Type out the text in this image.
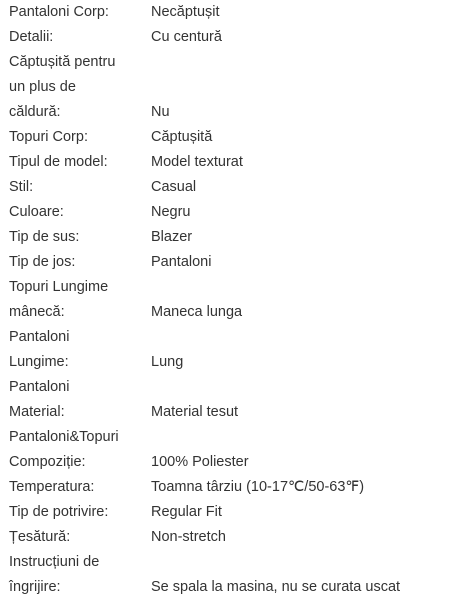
Pantaloni Corp:	Necăptușit
Detalii:	Cu centură
Căptușită pentru
un plus de
căldură:	Nu
Topuri Corp:	Căptușită
Tipul de model:	Model texturat
Stil:	Casual
Culoare:	Negru
Tip de sus:	Blazer
Tip de jos:	Pantaloni
Topuri Lungime
mânecă:	Maneca lunga
Pantaloni
Lungime:	Lung
Pantaloni
Material:	Material tesut
Pantaloni&Topuri
Compoziție:	100% Poliester
Temperatura:	Toamna târziu (10-17℃/50-63℉)
Tip de potrivire:	Regular Fit
Țesătură:	Non-stretch
Instrucțiuni de
îngrijire:	Se spala la masina, nu se curata uscat
